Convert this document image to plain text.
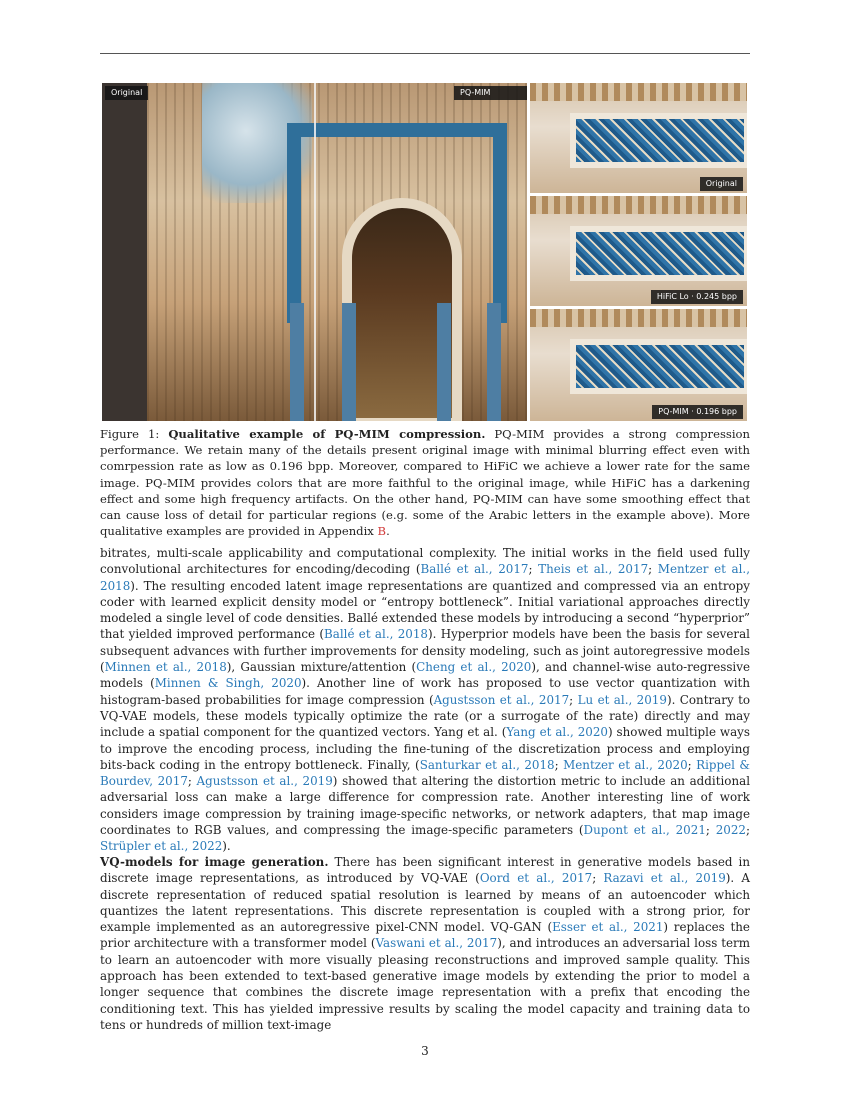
Original	PQ-MIM
Original
HiFiC Lo · 0.245 bpp
PQ-MIM · 0.196 bpp
Figure 1: Qualitative example of PQ-MIM compression. PQ-MIM provides a strong compression performance. We retain many of the details present original image with minimal blurring effect even with comrpession rate as low as 0.196 bpp. Moreover, compared to HiFiC we achieve a lower rate for the same image. PQ-MIM provides colors that are more faithful to the original image, while HiFiC has a darkening effect and some high frequency artifacts. On the other hand, PQ-MIM can have some smoothing effect that can cause loss of detail for particular regions (e.g. some of the Arabic letters in the example above). More qualitative examples are provided in Appendix B.
bitrates, multi-scale applicability and computational complexity. The initial works in the field used fully convolutional architectures for encoding/decoding (Ballé et al., 2017; Theis et al., 2017; Mentzer et al., 2018). The resulting encoded latent image representations are quantized and compressed via an entropy coder with learned explicit density model or “entropy bottleneck”. Initial variational approaches directly modeled a single level of code densities. Ballé extended these models by introducing a second “hyperprior” that yielded improved performance (Ballé et al., 2018). Hyperprior models have been the basis for several subsequent advances with further improvements for density modeling, such as joint autoregressive models (Minnen et al., 2018), Gaussian mixture/attention (Cheng et al., 2020), and channel-wise auto-regressive models (Minnen & Singh, 2020). Another line of work has proposed to use vector quantization with histogram-based probabilities for image compression (Agustsson et al., 2017; Lu et al., 2019). Contrary to VQ-VAE models, these models typically optimize the rate (or a surrogate of the rate) directly and may include a spatial component for the quantized vectors. Yang et al. (Yang et al., 2020) showed multiple ways to improve the encoding process, including the fine-tuning of the discretization process and employing bits-back coding in the entropy bottleneck. Finally, (Santurkar et al., 2018; Mentzer et al., 2020; Rippel & Bourdev, 2017; Agustsson et al., 2019) showed that altering the distortion metric to include an additional adversarial loss can make a large difference for compression rate. Another interesting line of work considers image compression by training image-specific networks, or network adapters, that map image coordinates to RGB values, and compressing the image-specific parameters (Dupont et al., 2021; 2022; Strüpler et al., 2022).
VQ-models for image generation. There has been significant interest in generative models based in discrete image representations, as introduced by VQ-VAE (Oord et al., 2017; Razavi et al., 2019). A discrete representation of reduced spatial resolution is learned by means of an autoencoder which quantizes the latent representations. This discrete representation is coupled with a strong prior, for example implemented as an autoregressive pixel-CNN model. VQ-GAN (Esser et al., 2021) replaces the prior architecture with a transformer model (Vaswani et al., 2017), and introduces an adversarial loss term to learn an autoencoder with more visually pleasing reconstructions and improved sample quality. This approach has been extended to text-based generative image models by extending the prior to model a longer sequence that combines the discrete image representation with a prefix that encoding the conditioning text. This has yielded impressive results by scaling the model capacity and training data to tens or hundreds of million text-image
3
